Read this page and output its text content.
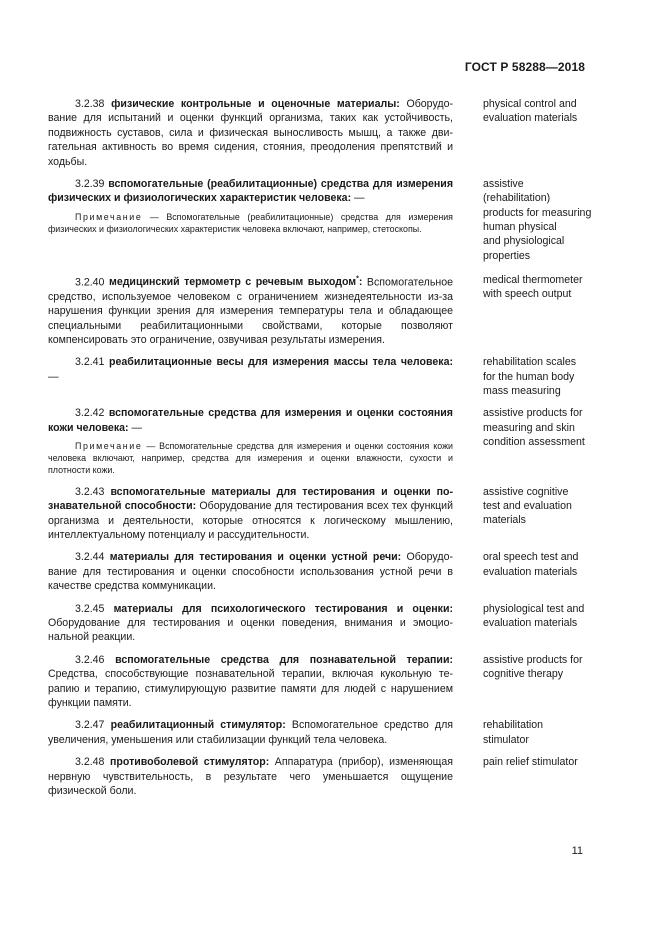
ГОСТ Р 58288—2018

3.2.38 физические контрольные и оценочные материалы: Оборудование для испытаний и оценки функций организма, таких как устойчивость, подвижность суставов, сила и физическая выносливость мышц, а также двигательная активность во время сидения, стояния, преодоления препятствий и ходьбы.

physical control and
evaluation materials

3.2.39 вспомогательные (реабилитационные) средства для измерения физических и физиологических характеристик человека: —

Примечание — Вспомогательные (реабилитационные) средства для измерения физических и физиологических характеристик человека включают, например, стетоскопы.
assistive
(rehabilitation)
products for measuring
human physical
and physiological
properties

3.2.40 медицинский термометр с речевым выходом*: Вспомогательное средство, используемое человеком с ограничением жизнедеятельности из-за нарушения функции зрения для измерения температуры тела и обладающее специальными реабилитационными свойствами, которые позволяют компенсировать это ограничение, озвучивая результаты измерения.

medical thermometer
with speech output

3.2.41 реабилитационные весы для измерения массы тела человека: —

rehabilitation scales
for the human body
mass measuring

3.2.42 вспомогательные средства для измерения и оценки состояния кожи человека: —

Примечание — Вспомогательные средства для измерения и оценки состояния кожи человека включают, например, средства для измерения и оценки влажности, сухости и плотности кожи.
assistive products for
measuring and skin
condition assessment

3.2.43 вспомогательные материалы для тестирования и оценки познавательной способности: Оборудование для тестирования всех тех функций организма и деятельности, которые относятся к логическому мышлению, интеллектуальному потенциалу и рассудительности.

assistive cognitive
test and evaluation
materials

3.2.44 материалы для тестирования и оценки устной речи: Оборудование для тестирования и оценки способности использования устной речи в качестве средства коммуникации.

oral speech test and
evaluation materials

3.2.45 материалы для психологического тестирования и оценки: Оборудование для тестирования и оценки поведения, внимания и эмоциональной реакции.

physiological test and
evaluation materials

3.2.46 вспомогательные средства для познавательной терапии: Средства, способствующие познавательной терапии, включая кукольную терапию и терапию, стимулирующую развитие памяти для людей с нарушением функции памяти.

assistive products for
cognitive therapy

3.2.47 реабилитационный стимулятор: Вспомогательное средство для увеличения, уменьшения или стабилизации функций тела человека.

rehabilitation
stimulator

3.2.48 противоболевой стимулятор: Аппаратура (прибор), изменяющая нервную чувствительность, в результате чего уменьшается ощущение физической боли.

pain relief stimulator
11
